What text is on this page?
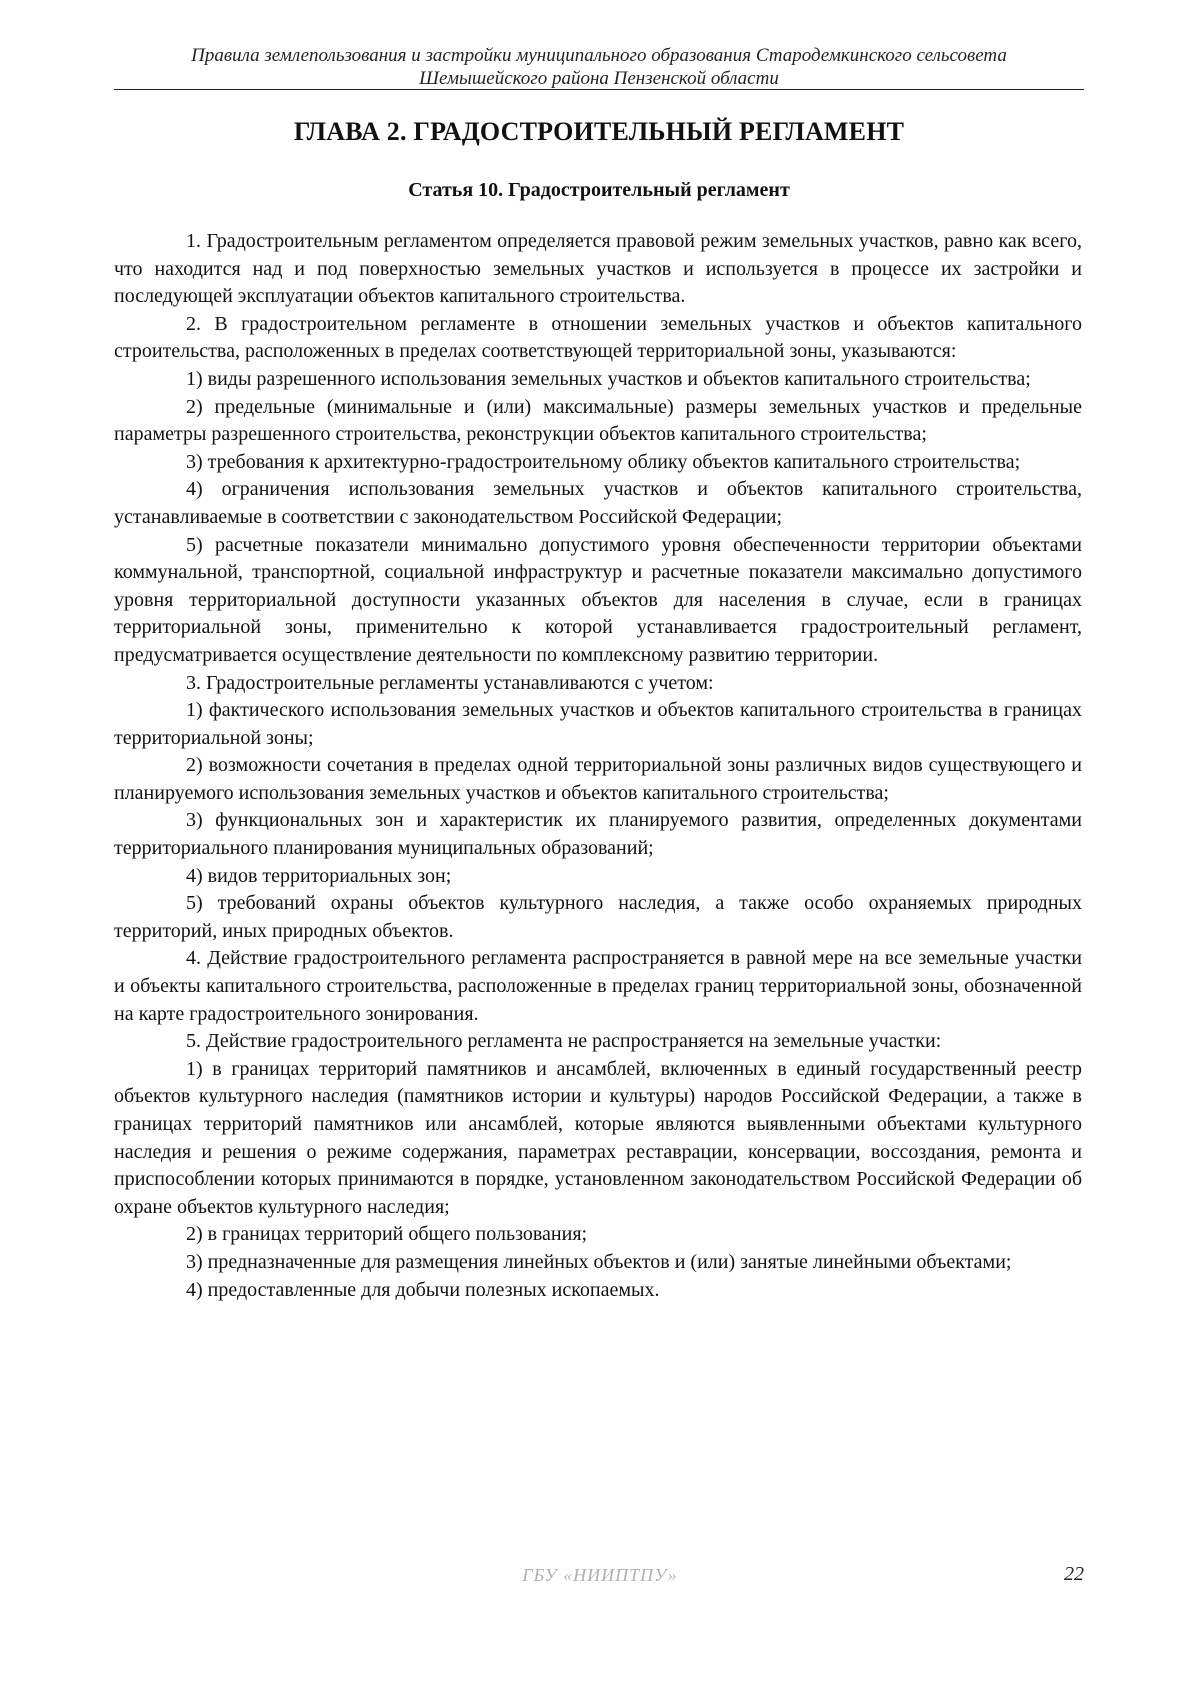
Правила землепользования и застройки муниципального образования Стародемкинского сельсовета
Шемышейского района Пензенской области
ГЛАВА 2. ГРАДОСТРОИТЕЛЬНЫЙ РЕГЛАМЕНТ
Статья 10. Градостроительный регламент

1. Градостроительным регламентом определяется правовой режим земельных участков, равно как всего, что находится над и под поверхностью земельных участков и используется в процессе их застройки и последующей эксплуатации объектов капитального строительства.

2. В градостроительном регламенте в отношении земельных участков и объектов капитального строительства, расположенных в пределах соответствующей территориальной зоны, указываются:

1) виды разрешенного использования земельных участков и объектов капитального строительства;

2) предельные (минимальные и (или) максимальные) размеры земельных участков и предельные параметры разрешенного строительства, реконструкции объектов капитального строительства;

3) требования к архитектурно-градостроительному облику объектов капитального строительства;

4) ограничения использования земельных участков и объектов капитального строительства, устанавливаемые в соответствии с законодательством Российской Федерации;

5) расчетные показатели минимально допустимого уровня обеспеченности территории объектами коммунальной, транспортной, социальной инфраструктур и расчетные показатели максимально допустимого уровня территориальной доступности указанных объектов для населения в случае, если в границах территориальной зоны, применительно к которой устанавливается градостроительный регламент, предусматривается осуществление деятельности по комплексному развитию территории.

3. Градостроительные регламенты устанавливаются с учетом:

1) фактического использования земельных участков и объектов капитального строительства в границах территориальной зоны;

2) возможности сочетания в пределах одной территориальной зоны различных видов существующего и планируемого использования земельных участков и объектов капитального строительства;

3) функциональных зон и характеристик их планируемого развития, определенных документами территориального планирования муниципальных образований;

4) видов территориальных зон;

5) требований охраны объектов культурного наследия, а также особо охраняемых природных территорий, иных природных объектов.

4. Действие градостроительного регламента распространяется в равной мере на все земельные участки и объекты капитального строительства, расположенные в пределах границ территориальной зоны, обозначенной на карте градостроительного зонирования.

5. Действие градостроительного регламента не распространяется на земельные участки:

1) в границах территорий памятников и ансамблей, включенных в единый государственный реестр объектов культурного наследия (памятников истории и культуры) народов Российской Федерации, а также в границах территорий памятников или ансамблей, которые являются выявленными объектами культурного наследия и решения о режиме содержания, параметрах реставрации, консервации, воссоздания, ремонта и приспособлении которых принимаются в порядке, установленном законодательством Российской Федерации об охране объектов культурного наследия;

2) в границах территорий общего пользования;

3) предназначенные для размещения линейных объектов и (или) занятые линейными объектами;

4) предоставленные для добычи полезных ископаемых.

ГБУ «НИИПТПУ»	22
